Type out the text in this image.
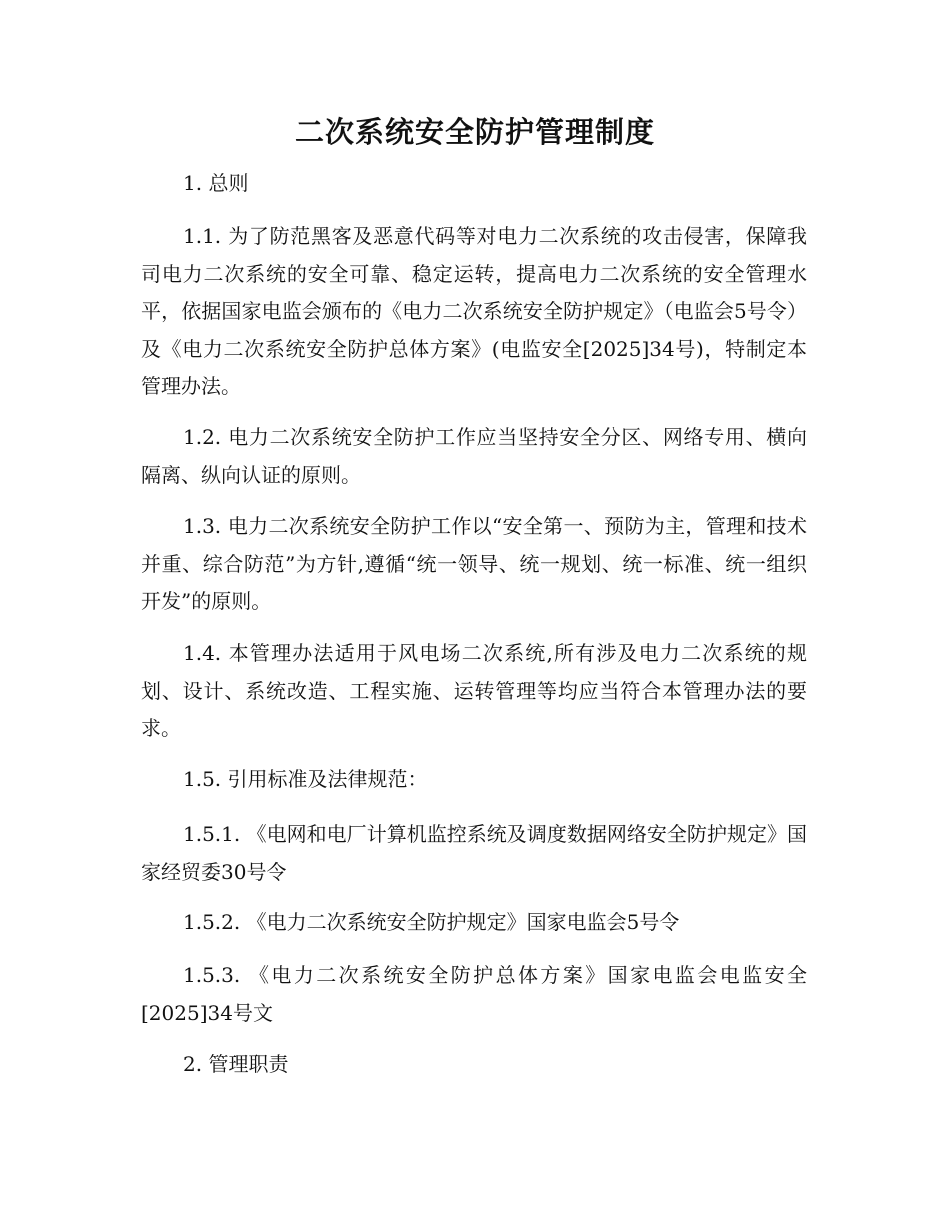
二次系统安全防护管理制度

1. 总则

1.1. 为了防范黑客及恶意代码等对电力二次系统的攻击侵害，保障我司电力二次系统的安全可靠、稳定运转，提高电力二次系统的安全管理水平，依据国家电监会颁布的《电力二次系统安全防护规定》（电监会5号令）及《电力二次系统安全防护总体方案》(电监安全[2025]34号)，特制定本管理办法。

1.2. 电力二次系统安全防护工作应当坚持安全分区、网络专用、横向隔离、纵向认证的原则。

1.3. 电力二次系统安全防护工作以“安全第一、预防为主，管理和技术并重、综合防范”为方针,遵循“统一领导、统一规划、统一标准、统一组织开发”的原则。

1.4. 本管理办法适用于风电场二次系统,所有涉及电力二次系统的规划、设计、系统改造、工程实施、运转管理等均应当符合本管理办法的要求。

1.5. 引用标准及法律规范：

1.5.1. 《电网和电厂计算机监控系统及调度数据网络安全防护规定》国家经贸委30号令

1.5.2. 《电力二次系统安全防护规定》国家电监会5号令

1.5.3. 《电力二次系统安全防护总体方案》国家电监会电监安全[2025]34号文

2. 管理职责
